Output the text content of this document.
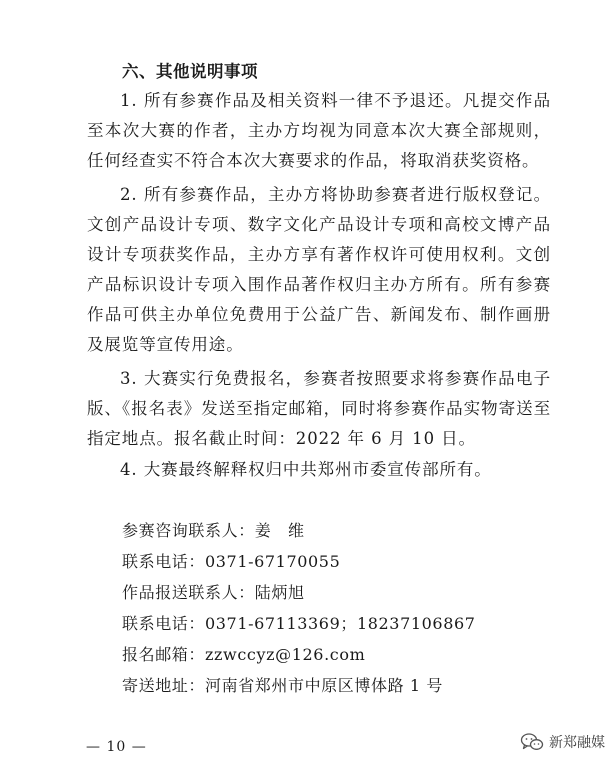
六、其他说明事项
1. 所有参赛作品及相关资料一律不予退还。凡提交作品至本次大赛的作者，主办方均视为同意本次大赛全部规则，任何经查实不符合本次大赛要求的作品，将取消获奖资格。
2. 所有参赛作品，主办方将协助参赛者进行版权登记。文创产品设计专项、数字文化产品设计专项和高校文博产品设计专项获奖作品，主办方享有著作权许可使用权利。文创产品标识设计专项入围作品著作权归主办方所有。所有参赛作品可供主办单位免费用于公益广告、新闻发布、制作画册及展览等宣传用途。
3. 大赛实行免费报名，参赛者按照要求将参赛作品电子版、《报名表》发送至指定邮箱，同时将参赛作品实物寄送至指定地点。报名截止时间：2022 年 6 月 10 日。
4. 大赛最终解释权归中共郑州市委宣传部所有。
参赛咨询联系人：姜　维
联系电话：0371-67170055
作品报送联系人：陆炳旭
联系电话：0371-67113369；18237106867
报名邮箱：zzwccyz@126.com
寄送地址：河南省郑州市中原区博体路 1 号
— 10 —	新郑融媒
